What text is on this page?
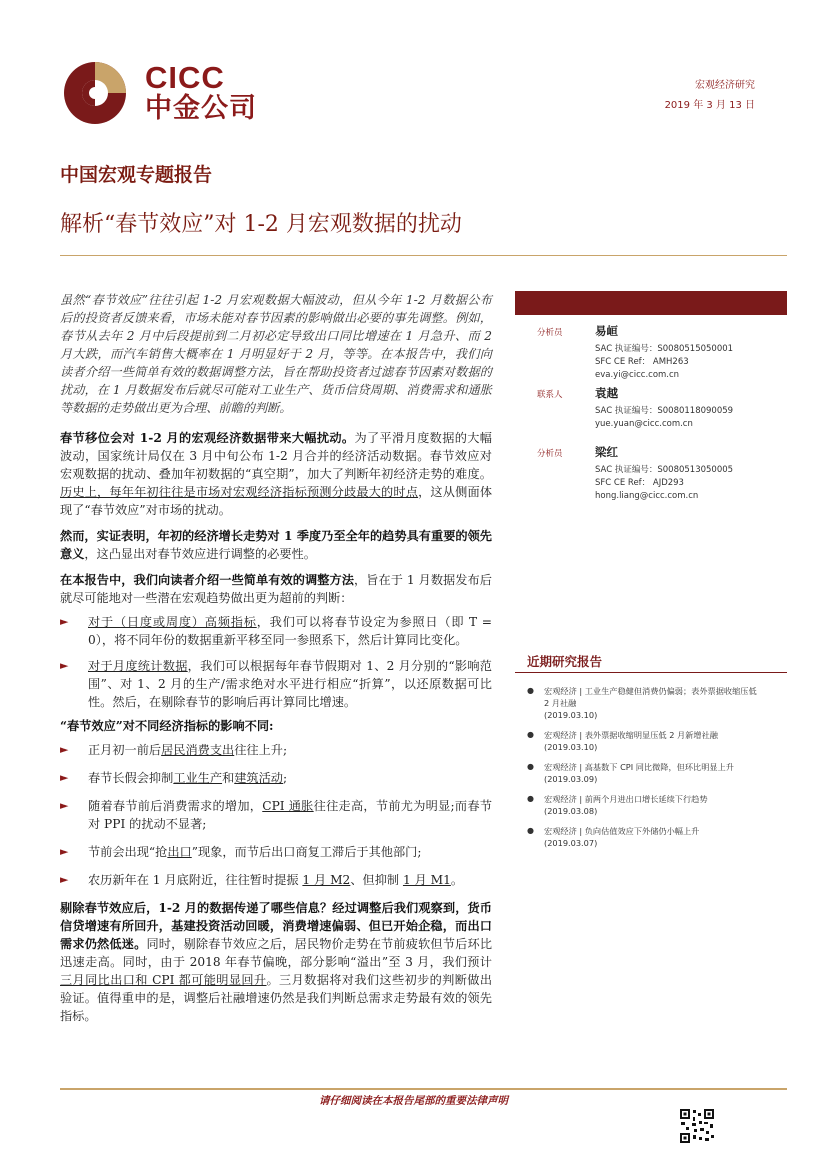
CICC
中金公司
宏观经济研究
2019 年 3 月 13 日
中国宏观专题报告
解析“春节效应”对 1-2 月宏观数据的扰动

虽然“春节效应”往往引起 1-2 月宏观数据大幅波动，但从今年 1-2 月数据公布后的投资者反馈来看，市场未能对春节因素的影响做出必要的事先调整。例如，春节从去年 2 月中后段提前到二月初必定导致出口同比增速在 1 月急升、而 2 月大跌，而汽车销售大概率在 1 月明显好于 2 月，等等。在本报告中，我们向读者介绍一些简单有效的数据调整方法，旨在帮助投资者过滤春节因素对数据的扰动，在 1 月数据发布后就尽可能对工业生产、货币信贷周期、消费需求和通胀等数据的走势做出更为合理、前瞻的判断。

春节移位会对 1-2 月的宏观经济数据带来大幅扰动。为了平滑月度数据的大幅波动，国家统计局仅在 3 月中旬公布 1-2 月合并的经济活动数据。春节效应对宏观数据的扰动、叠加年初数据的“真空期”，加大了判断年初经济走势的难度。历史上，每年年初往往是市场对宏观经济指标预测分歧最大的时点，这从侧面体现了“春节效应”对市场的扰动。

然而，实证表明，年初的经济增长走势对 1 季度乃至全年的趋势具有重要的领先意义，这凸显出对春节效应进行调整的必要性。

在本报告中，我们向读者介绍一些简单有效的调整方法，旨在于 1 月数据发布后就尽可能地对一些潜在宏观趋势做出更为超前的判断：

► 对于（日度或周度）高频指标，我们可以将春节设定为参照日（即 T = 0），将不同年份的数据重新平移至同一参照系下，然后计算同比变化。
► 对于月度统计数据，我们可以根据每年春节假期对 1、2 月分别的“影响范围”、对 1、2 月的生产/需求绝对水平进行相应“折算”，以还原数据可比性。然后，在剔除春节的影响后再计算同比增速。

“春节效应”对不同经济指标的影响不同:

► 正月初一前后居民消费支出往往上升;
► 春节长假会抑制工业生产和建筑活动;
► 随着春节前后消费需求的增加，CPI 通胀往往走高，节前尤为明显;而春节对 PPI 的扰动不显著;
► 节前会出现“抢出口”现象，而节后出口商复工滞后于其他部门;
► 农历新年在 1 月底附近，往往暂时提振 1 月 M2、但抑制 1 月 M1。

剔除春节效应后，1-2 月的数据传递了哪些信息？经过调整后我们观察到，货币信贷增速有所回升，基建投资活动回暖，消费增速偏弱、但已开始企稳，而出口需求仍然低迷。同时，剔除春节效应之后，居民物价走势在节前疲软但节后环比迅速走高。同时，由于 2018 年春节偏晚，部分影响“溢出”至 3 月，我们预计三月同比出口和 CPI 都可能明显回升。三月数据将对我们这些初步的判断做出验证。值得重申的是，调整后社融增速仍然是我们判断总需求走势最有效的领先指标。

分析员	易峘
SAC 执证编号：S0080515050001
SFC CE Ref： AMH263
eva.yi@cicc.com.cn
联系人	袁越
SAC 执证编号：S0080118090059
yue.yuan@cicc.com.cn
分析员	梁红
SAC 执证编号：S0080513050005
SFC CE Ref： AJD293
hong.liang@cicc.com.cn
近期研究报告
● 宏观经济 | 工业生产稳健但消费仍偏弱；表外票据收缩压低 2 月社融
(2019.03.10)
● 宏观经济 | 表外票据收缩明显压低 2 月新增社融
(2019.03.10)
● 宏观经济 | 高基数下 CPI 同比微降，但环比明显上升
(2019.03.09)
● 宏观经济 | 前两个月进出口增长延续下行趋势
(2019.03.08)
● 宏观经济 | 负向估值效应下外储仍小幅上升
(2019.03.07)
请仔细阅读在本报告尾部的重要法律声明
